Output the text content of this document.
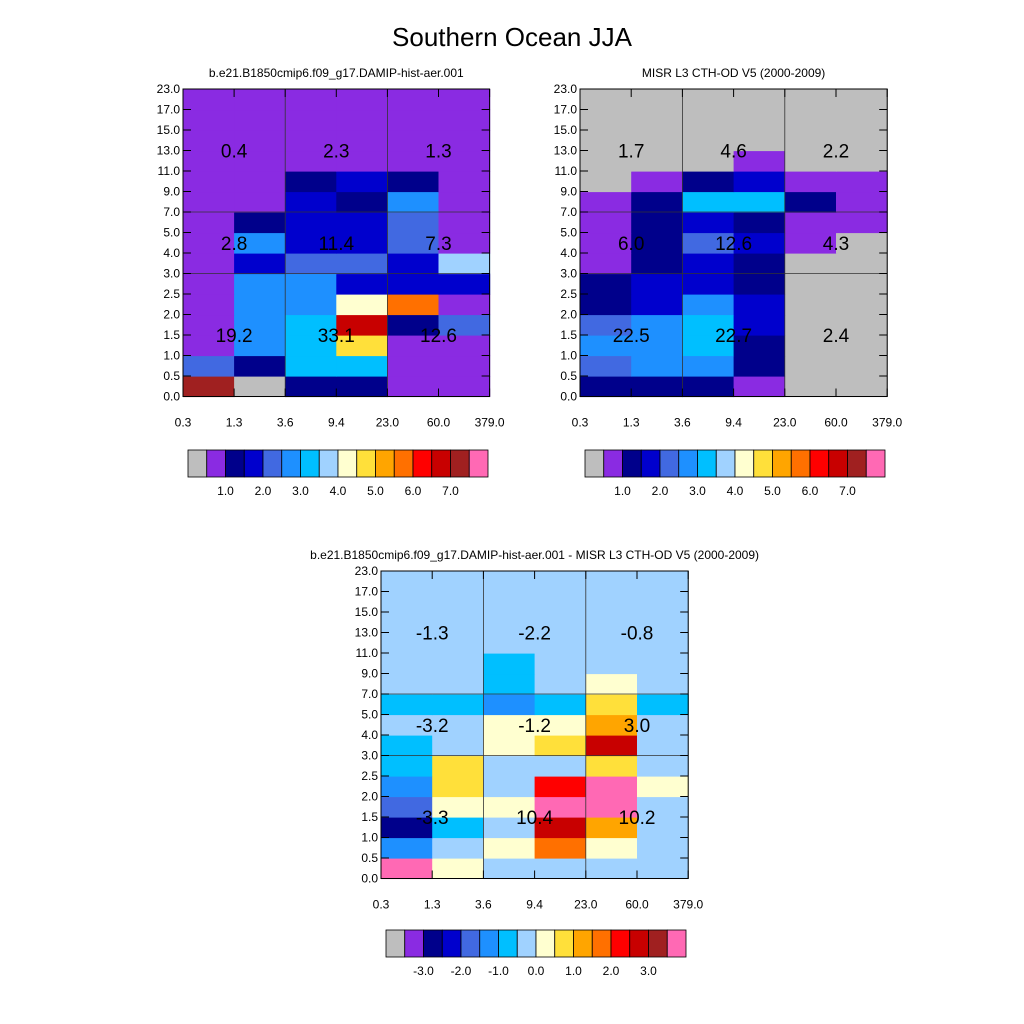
Southern Ocean JJA
b.e21.B1850cmip6.f09_g17.DAMIP-hist-aer.001
0.0
0.5
1.0
1.5
2.0
2.5
3.0
4.0
5.0
7.0
9.0
11.0
13.0
15.0
17.0
23.0
0.3	1.3	3.6	9.4	23.0 60.0 379.0
19.2	33.1	12.6
2.8	11.4	7.3
0.4	2.3	1.3
1.0 2.0 3.0 4.0 5.0 6.0 7.0
MISR L3 CTH-OD V5 (2000-2009)
0.0
0.5
1.0
1.5
2.0
2.5
3.0
4.0
5.0
7.0
9.0
11.0
13.0
15.0
17.0
23.0
0.3	1.3	3.6	9.4	23.0 60.0 379.0
22.5	22.7	2.4
6.0	12.6	4.3
1.7	4.6	2.2
1.0 2.0 3.0 4.0 5.0 6.0 7.0
b.e21.B1850cmip6.f09_g17.DAMIP-hist-aer.001 - MISR L3 CTH-OD V5 (2000-2009)
0.0
0.5
1.0
1.5
2.0
2.5
3.0
4.0
5.0
7.0
9.0
11.0
13.0
15.0
17.0
23.0
0.3	1.3	3.6	9.4	23.0 60.0 379.0
-3.3	10.4	10.2
-3.2	-1.2	3.0
-1.3	-2.2	-0.8
-3.0 -2.0 -1.0 0.0 1.0 2.0 3.0
